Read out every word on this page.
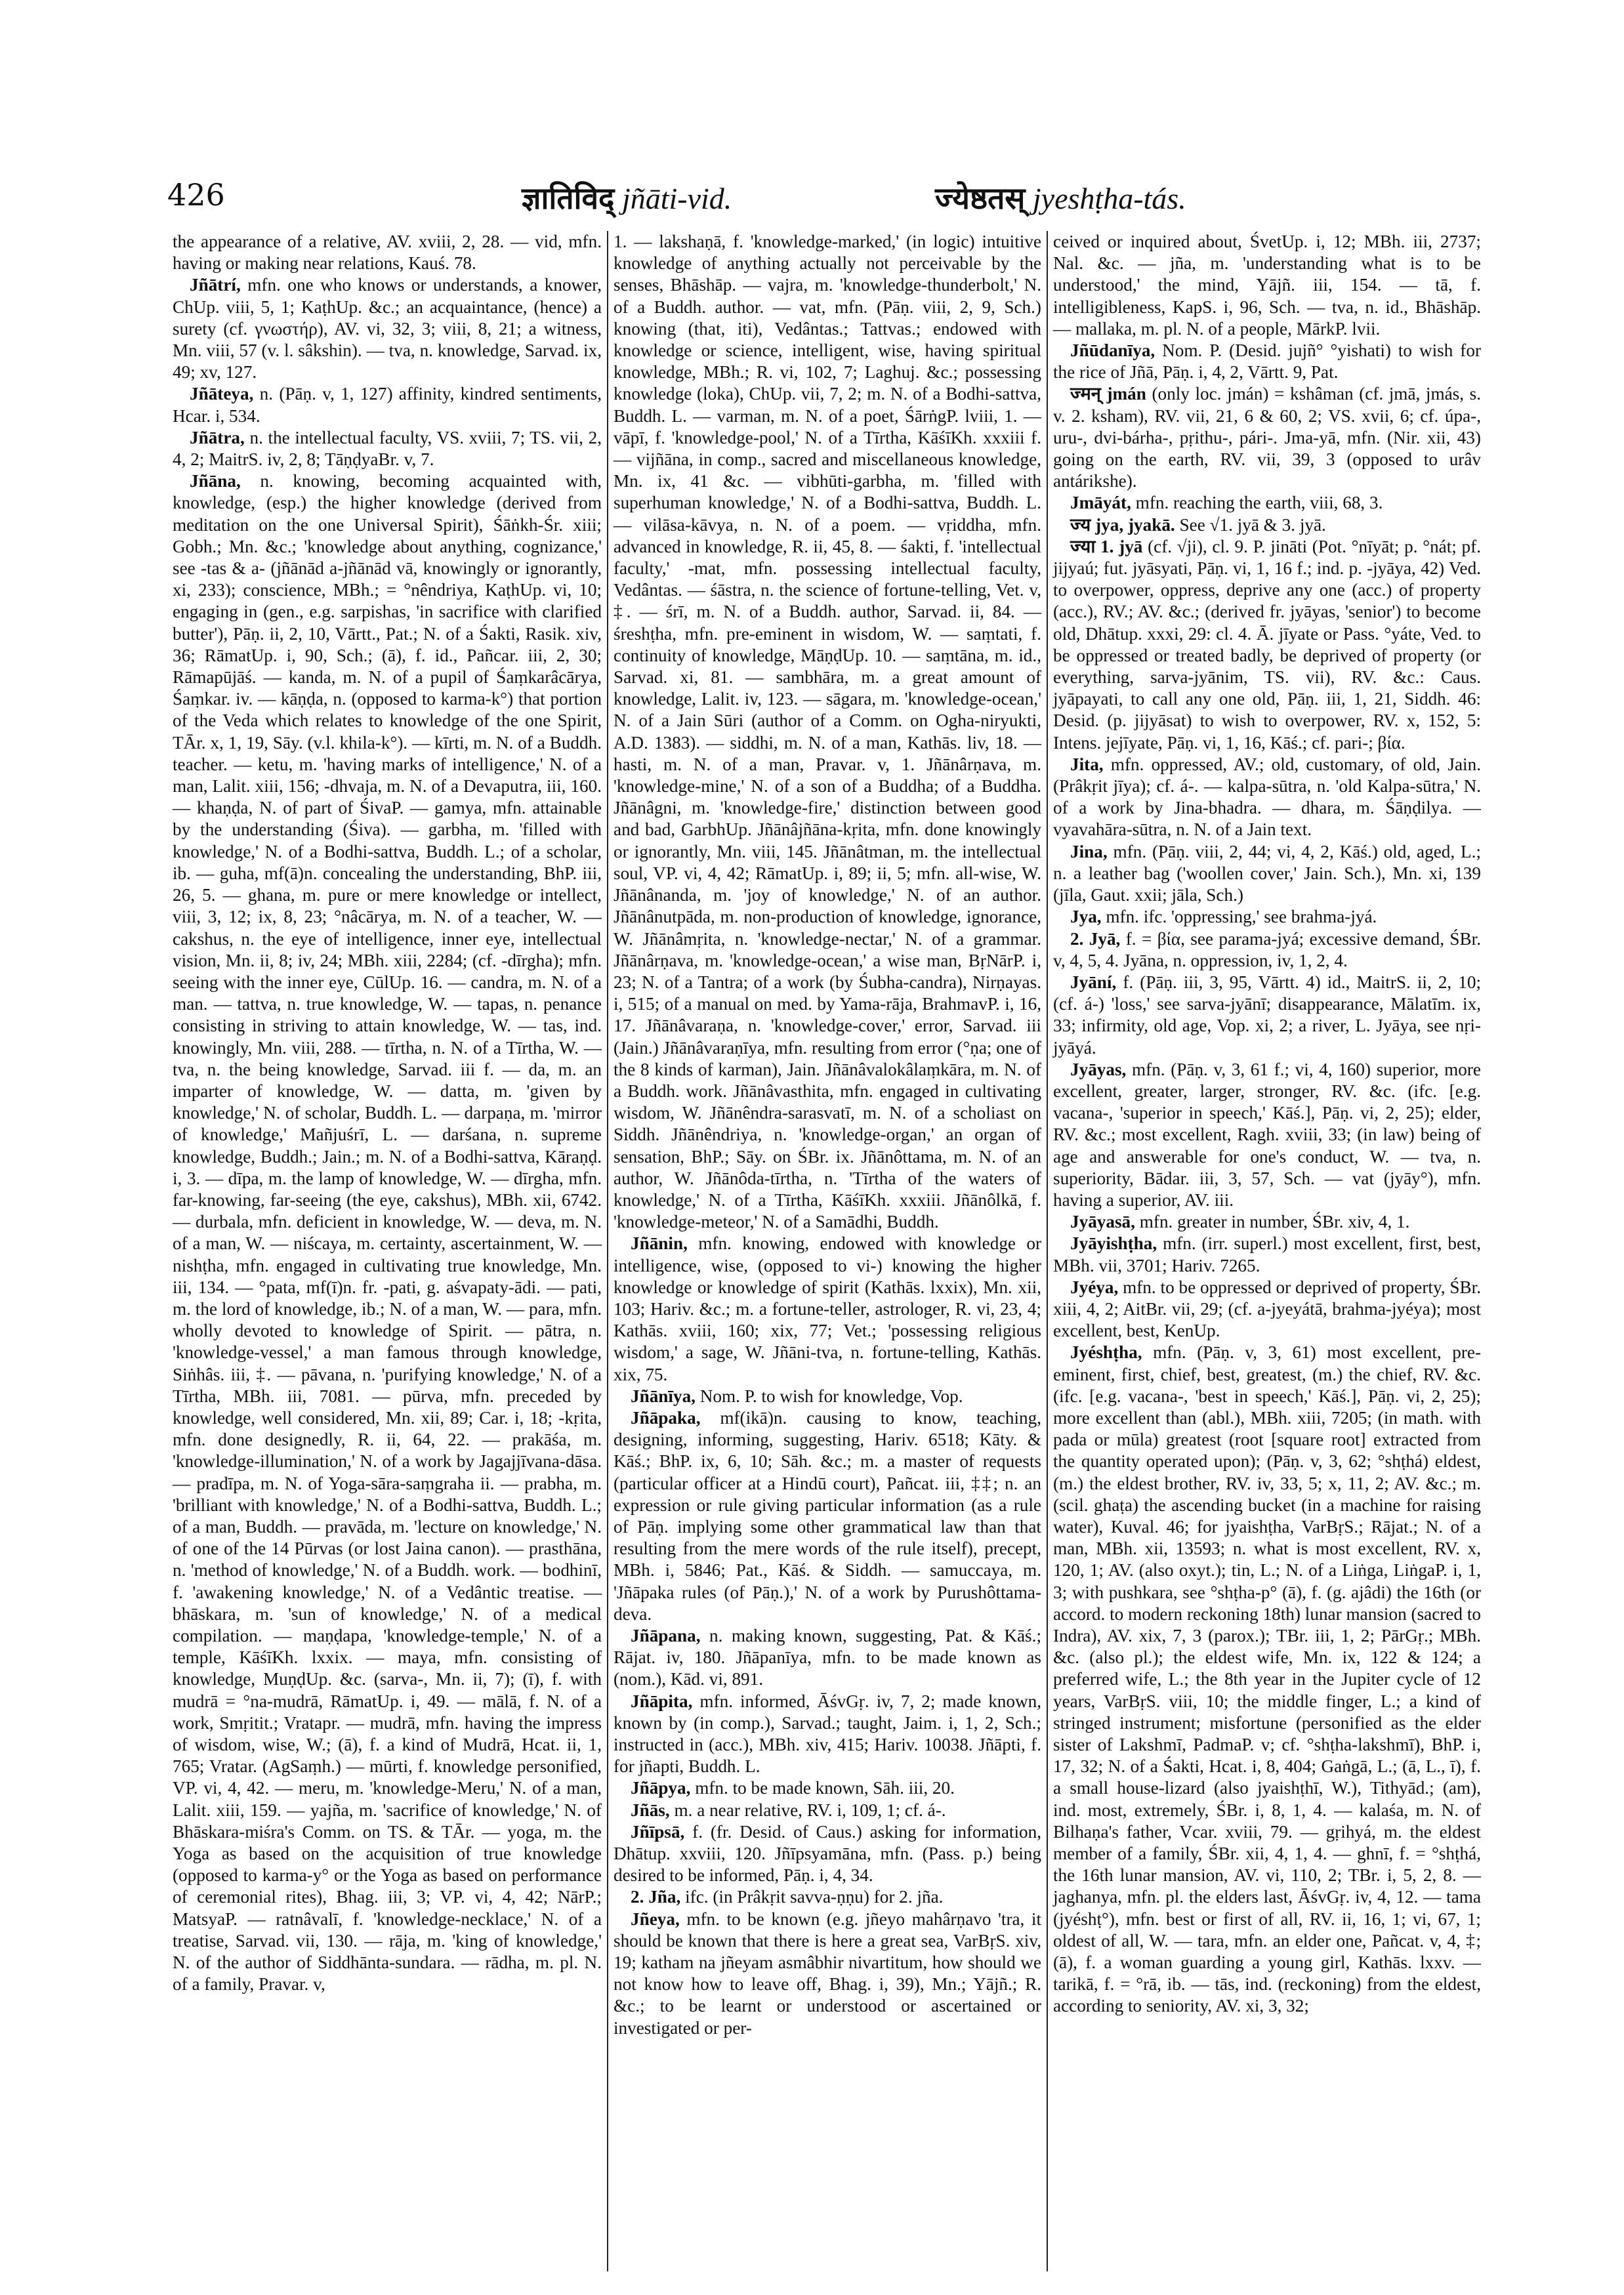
426	ज्ञातिविद् jñāti-vid.	ज्येष्ठतस् jyeshṭha-tás.

the appearance of a relative, AV. xviii, 2, 28. — vid, mfn. having or making near relations, Kauś. 78.

Jñātrí, mfn. one who knows or understands, a knower, ChUp. viii, 5, 1; KaṭhUp. &c.; an acquaintance, (hence) a surety (cf. γνωστήρ), AV. vi, 32, 3; viii, 8, 21; a witness, Mn. viii, 57 (v. l. sâkshin). — tva, n. knowledge, Sarvad. ix, 49; xv, 127.

Jñāteya, n. (Pāṇ. v, 1, 127) affinity, kindred sentiments, Hcar. i, 534.

Jñātra, n. the intellectual faculty, VS. xviii, 7; TS. vii, 2, 4, 2; MaitrS. iv, 2, 8; TāṇḍyaBr. v, 7.

Jñāna, n. knowing, becoming acquainted with, knowledge, (esp.) the higher knowledge (derived from meditation on the one Universal Spirit), Śāṅkh-Śr. xiii; Gobh.; Mn. &c.; 'knowledge about anything, cognizance,' see -tas & a- (jñānād a-jñānād vā, knowingly or ignorantly, xi, 233); conscience, MBh.; = °nêndriya, KaṭhUp. vi, 10; engaging in (gen., e.g. sarpishas, 'in sacrifice with clarified butter'), Pāṇ. ii, 2, 10, Vārtt., Pat.; N. of a Śakti, Rasik. xiv, 36; RāmatUp. i, 90, Sch.; (ā), f. id., Pañcar. iii, 2, 30; Rāmapūjāś. — kanda, m. N. of a pupil of Śaṃkarâcārya, Śaṃkar. iv. — kāṇḍa, n. (opposed to karma-k°) that portion of the Veda which relates to knowledge of the one Spirit, TĀr. x, 1, 19, Sāy. (v.l. khila-k°). — kīrti, m. N. of a Buddh. teacher. — ketu, m. 'having marks of intelligence,' N. of a man, Lalit. xiii, 156; -dhvaja, m. N. of a Devaputra, iii, 160. — khaṇḍa, N. of part of ŚivaP. — gamya, mfn. attainable by the understanding (Śiva). — garbha, m. 'filled with knowledge,' N. of a Bodhi-sattva, Buddh. L.; of a scholar, ib. — guha, mf(ā)n. concealing the understanding, BhP. iii, 26, 5. — ghana, m. pure or mere knowledge or intellect, viii, 3, 12; ix, 8, 23; °nâcārya, m. N. of a teacher, W. — cakshus, n. the eye of intelligence, inner eye, intellectual vision, Mn. ii, 8; iv, 24; MBh. xiii, 2284; (cf. -dīrgha); mfn. seeing with the inner eye, CūlUp. 16. — candra, m. N. of a man. — tattva, n. true knowledge, W. — tapas, n. penance consisting in striving to attain knowledge, W. — tas, ind. knowingly, Mn. viii, 288. — tīrtha, n. N. of a Tīrtha, W. — tva, n. the being knowledge, Sarvad. iii f. — da, m. an imparter of knowledge, W. — datta, m. 'given by knowledge,' N. of scholar, Buddh. L. — darpaṇa, m. 'mirror of knowledge,' Mañjuśrī, L. — darśana, n. supreme knowledge, Buddh.; Jain.; m. N. of a Bodhi-sattva, Kāraṇḍ. i, 3. — dīpa, m. the lamp of knowledge, W. — dīrgha, mfn. far-knowing, far-seeing (the eye, cakshus), MBh. xii, 6742. — durbala, mfn. deficient in knowledge, W. — deva, m. N. of a man, W. — niścaya, m. certainty, ascertainment, W. — nishṭha, mfn. engaged in cultivating true knowledge, Mn. iii, 134. — °pata, mf(ī)n. fr. -pati, g. aśvapaty-ādi. — pati, m. the lord of knowledge, ib.; N. of a man, W. — para, mfn. wholly devoted to knowledge of Spirit. — pātra, n. 'knowledge-vessel,' a man famous through knowledge, Siṅhâs. iii, ‡. — pāvana, n. 'purifying knowledge,' N. of a Tīrtha, MBh. iii, 7081. — pūrva, mfn. preceded by knowledge, well considered, Mn. xii, 89; Car. i, 18; -kṛita, mfn. done designedly, R. ii, 64, 22. — prakāśa, m. 'knowledge-illumination,' N. of a work by Jagajjīvana-dāsa. — pradīpa, m. N. of Yoga-sāra-saṃgraha ii. — prabha, m. 'brilliant with knowledge,' N. of a Bodhi-sattva, Buddh. L.; of a man, Buddh. — pravāda, m. 'lecture on knowledge,' N. of one of the 14 Pūrvas (or lost Jaina canon). — prasthāna, n. 'method of knowledge,' N. of a Buddh. work. — bodhinī, f. 'awakening knowledge,' N. of a Vedântic treatise. — bhāskara, m. 'sun of knowledge,' N. of a medical compilation. — maṇḍapa, 'knowledge-temple,' N. of a temple, KāśīKh. lxxix. — maya, mfn. consisting of knowledge, MuṇḍUp. &c. (sarva-, Mn. ii, 7); (ī), f. with mudrā = °na-mudrā, RāmatUp. i, 49. — mālā, f. N. of a work, Smṛitit.; Vratapr. — mudrā, mfn. having the impress of wisdom, wise, W.; (ā), f. a kind of Mudrā, Hcat. ii, 1, 765; Vratar. (AgSaṃh.) — mūrti, f. knowledge personified, VP. vi, 4, 42. — meru, m. 'knowledge-Meru,' N. of a man, Lalit. xiii, 159. — yajña, m. 'sacrifice of knowledge,' N. of Bhāskara-miśra's Comm. on TS. & TĀr. — yoga, m. the Yoga as based on the acquisition of true knowledge (opposed to karma-y° or the Yoga as based on performance of ceremonial rites), Bhag. iii, 3; VP. vi, 4, 42; NārP.; MatsyaP. — ratnâvalī, f. 'knowledge-necklace,' N. of a treatise, Sarvad. vii, 130. — rāja, m. 'king of knowledge,' N. of the author of Siddhānta-sundara. — rādha, m. pl. N. of a family, Pravar. v,

1. — lakshaṇā, f. 'knowledge-marked,' (in logic) intuitive knowledge of anything actually not perceivable by the senses, Bhāshāp. — vajra, m. 'knowledge-thunderbolt,' N. of a Buddh. author. — vat, mfn. (Pāṇ. viii, 2, 9, Sch.) knowing (that, iti), Vedântas.; Tattvas.; endowed with knowledge or science, intelligent, wise, having spiritual knowledge, MBh.; R. vi, 102, 7; Laghuj. &c.; possessing knowledge (loka), ChUp. vii, 7, 2; m. N. of a Bodhi-sattva, Buddh. L. — varman, m. N. of a poet, ŚārṅgP. lviii, 1. — vāpī, f. 'knowledge-pool,' N. of a Tīrtha, KāśīKh. xxxiii f. — vijñāna, in comp., sacred and miscellaneous knowledge, Mn. ix, 41 &c. — vibhūti-garbha, m. 'filled with superhuman knowledge,' N. of a Bodhi-sattva, Buddh. L. — vilāsa-kāvya, n. N. of a poem. — vṛiddha, mfn. advanced in knowledge, R. ii, 45, 8. — śakti, f. 'intellectual faculty,' -mat, mfn. possessing intellectual faculty, Vedântas. — śāstra, n. the science of fortune-telling, Vet. v, ‡. — śrī, m. N. of a Buddh. author, Sarvad. ii, 84. — śreshṭha, mfn. pre-eminent in wisdom, W. — saṃtati, f. continuity of knowledge, MāṇḍUp. 10. — saṃtāna, m. id., Sarvad. xi, 81. — sambhāra, m. a great amount of knowledge, Lalit. iv, 123. — sāgara, m. 'knowledge-ocean,' N. of a Jain Sūri (author of a Comm. on Ogha-niryukti, A.D. 1383). — siddhi, m. N. of a man, Kathās. liv, 18. — hasti, m. N. of a man, Pravar. v, 1. Jñānârṇava, m. 'knowledge-mine,' N. of a son of a Buddha; of a Buddha. Jñānâgni, m. 'knowledge-fire,' distinction between good and bad, GarbhUp. Jñānâjñāna-kṛita, mfn. done knowingly or ignorantly, Mn. viii, 145. Jñānâtman, m. the intellectual soul, VP. vi, 4, 42; RāmatUp. i, 89; ii, 5; mfn. all-wise, W. Jñānânanda, m. 'joy of knowledge,' N. of an author. Jñānânutpāda, m. non-production of knowledge, ignorance, W. Jñānâmṛita, n. 'knowledge-nectar,' N. of a grammar. Jñānârṇava, m. 'knowledge-ocean,' a wise man, BṛNārP. i, 23; N. of a Tantra; of a work (by Śubha-candra), Nirṇayas. i, 515; of a manual on med. by Yama-rāja, BrahmavP. i, 16, 17. Jñānâvaraṇa, n. 'knowledge-cover,' error, Sarvad. iii (Jain.) Jñānâvaraṇīya, mfn. resulting from error (°ṇa; one of the 8 kinds of karman), Jain. Jñānâvalokâlaṃkāra, m. N. of a Buddh. work. Jñānâvasthita, mfn. engaged in cultivating wisdom, W. Jñānêndra-sarasvatī, m. N. of a scholiast on Siddh. Jñānêndriya, n. 'knowledge-organ,' an organ of sensation, BhP.; Sāy. on ŚBr. ix. Jñānôttama, m. N. of an author, W. Jñānôda-tīrtha, n. 'Tīrtha of the waters of knowledge,' N. of a Tīrtha, KāśīKh. xxxiii. Jñānôlkā, f. 'knowledge-meteor,' N. of a Samādhi, Buddh.

Jñānin, mfn. knowing, endowed with knowledge or intelligence, wise, (opposed to vi-) knowing the higher knowledge or knowledge of spirit (Kathās. lxxix), Mn. xii, 103; Hariv. &c.; m. a fortune-teller, astrologer, R. vi, 23, 4; Kathās. xviii, 160; xix, 77; Vet.; 'possessing religious wisdom,' a sage, W. Jñāni-tva, n. fortune-telling, Kathās. xix, 75.

Jñānīya, Nom. P. to wish for knowledge, Vop.

Jñāpaka, mf(ikā)n. causing to know, teaching, designing, informing, suggesting, Hariv. 6518; Kāty. & Kāś.; BhP. ix, 6, 10; Sāh. &c.; m. a master of requests (particular officer at a Hindū court), Pañcat. iii, ‡‡; n. an expression or rule giving particular information (as a rule of Pāṇ. implying some other grammatical law than that resulting from the mere words of the rule itself), precept, MBh. i, 5846; Pat., Kāś. & Siddh. — samuccaya, m. 'Jñāpaka rules (of Pāṇ.),' N. of a work by Purushôttama-deva.

Jñāpana, n. making known, suggesting, Pat. & Kāś.; Rājat. iv, 180. Jñāpanīya, mfn. to be made known as (nom.), Kād. vi, 891.

Jñāpita, mfn. informed, ĀśvGṛ. iv, 7, 2; made known, known by (in comp.), Sarvad.; taught, Jaim. i, 1, 2, Sch.; instructed in (acc.), MBh. xiv, 415; Hariv. 10038. Jñāpti, f. for jñapti, Buddh. L.

Jñāpya, mfn. to be made known, Sāh. iii, 20.

Jñās, m. a near relative, RV. i, 109, 1; cf. á-.

Jñīpsā, f. (fr. Desid. of Caus.) asking for information, Dhātup. xxviii, 120. Jñīpsyamāna, mfn. (Pass. p.) being desired to be informed, Pāṇ. i, 4, 34.

2. Jña, ifc. (in Prâkṛit savva-ṇṇu) for 2. jña.

Jñeya, mfn. to be known (e.g. jñeyo mahârṇavo 'tra, it should be known that there is here a great sea, VarBṛS. xiv, 19; katham na jñeyam asmâbhir nivartitum, how should we not know how to leave off, Bhag. i, 39), Mn.; Yājñ.; R. &c.; to be learnt or understood or ascertained or investigated or per-

ceived or inquired about, ŚvetUp. i, 12; MBh. iii, 2737; Nal. &c. — jña, m. 'understanding what is to be understood,' the mind, Yājñ. iii, 154. — tā, f. intelligibleness, KapS. i, 96, Sch. — tva, n. id., Bhāshāp. — mallaka, m. pl. N. of a people, MārkP. lvii.

Jñūdanīya, Nom. P. (Desid. jujñ° °yishati) to wish for the rice of Jñā, Pāṇ. i, 4, 2, Vārtt. 9, Pat.

ज्मन् jmán (only loc. jmán) = kshâman (cf. jmā, jmás, s. v. 2. ksham), RV. vii, 21, 6 & 60, 2; VS. xvii, 6; cf. úpa-, uru-, dvi-bárha-, pṛithu-, pári-. Jma-yā, mfn. (Nir. xii, 43) going on the earth, RV. vii, 39, 3 (opposed to urâv antárikshe).

Jmāyát, mfn. reaching the earth, viii, 68, 3.

ज्य jya, jyakā. See √1. jyā & 3. jyā.

ज्या 1. jyā (cf. √ji), cl. 9. P. jināti (Pot. °nīyāt; p. °nát; pf. jijyaú; fut. jyāsyati, Pāṇ. vi, 1, 16 f.; ind. p. -jyāya, 42) Ved. to overpower, oppress, deprive any one (acc.) of property (acc.), RV.; AV. &c.; (derived fr. jyāyas, 'senior') to become old, Dhātup. xxxi, 29: cl. 4. Ā. jīyate or Pass. °yáte, Ved. to be oppressed or treated badly, be deprived of property (or everything, sarva-jyānim, TS. vii), RV. &c.: Caus. jyāpayati, to call any one old, Pāṇ. iii, 1, 21, Siddh. 46: Desid. (p. jijyāsat) to wish to overpower, RV. x, 152, 5: Intens. jejīyate, Pāṇ. vi, 1, 16, Kāś.; cf. pari-; βία.

Jita, mfn. oppressed, AV.; old, customary, of old, Jain. (Prâkṛit jīya); cf. á-. — kalpa-sūtra, n. 'old Kalpa-sūtra,' N. of a work by Jina-bhadra. — dhara, m. Śāṇḍilya. — vyavahāra-sūtra, n. N. of a Jain text.

Jina, mfn. (Pāṇ. viii, 2, 44; vi, 4, 2, Kāś.) old, aged, L.; n. a leather bag ('woollen cover,' Jain. Sch.), Mn. xi, 139 (jīla, Gaut. xxii; jāla, Sch.)

Jya, mfn. ifc. 'oppressing,' see brahma-jyá.

2. Jyā, f. = βία, see parama-jyá; excessive demand, ŚBr. v, 4, 5, 4. Jyāna, n. oppression, iv, 1, 2, 4.

Jyāní, f. (Pāṇ. iii, 3, 95, Vārtt. 4) id., MaitrS. ii, 2, 10; (cf. á-) 'loss,' see sarva-jyānī; disappearance, Mālatīm. ix, 33; infirmity, old age, Vop. xi, 2; a river, L. Jyāya, see nṛi-jyāyá.

Jyāyas, mfn. (Pāṇ. v, 3, 61 f.; vi, 4, 160) superior, more excellent, greater, larger, stronger, RV. &c. (ifc. [e.g. vacana-, 'superior in speech,' Kāś.], Pāṇ. vi, 2, 25); elder, RV. &c.; most excellent, Ragh. xviii, 33; (in law) being of age and answerable for one's conduct, W. — tva, n. superiority, Bādar. iii, 3, 57, Sch. — vat (jyāy°), mfn. having a superior, AV. iii.

Jyāyasā, mfn. greater in number, ŚBr. xiv, 4, 1.

Jyāyishṭha, mfn. (irr. superl.) most excellent, first, best, MBh. vii, 3701; Hariv. 7265.

Jyéya, mfn. to be oppressed or deprived of property, ŚBr. xiii, 4, 2; AitBr. vii, 29; (cf. a-jyeyátā, brahma-jyéya); most excellent, best, KenUp.

Jyéshṭha, mfn. (Pāṇ. v, 3, 61) most excellent, pre-eminent, first, chief, best, greatest, (m.) the chief, RV. &c. (ifc. [e.g. vacana-, 'best in speech,' Kāś.], Pāṇ. vi, 2, 25); more excellent than (abl.), MBh. xiii, 7205; (in math. with pada or mūla) greatest (root [square root] extracted from the quantity operated upon); (Pāṇ. v, 3, 62; °shṭhá) eldest, (m.) the eldest brother, RV. iv, 33, 5; x, 11, 2; AV. &c.; m. (scil. ghaṭa) the ascending bucket (in a machine for raising water), Kuval. 46; for jyaishṭha, VarBṛS.; Rājat.; N. of a man, MBh. xii, 13593; n. what is most excellent, RV. x, 120, 1; AV. (also oxyt.); tin, L.; N. of a Liṅga, LiṅgaP. i, 1, 3; with pushkara, see °shṭha-p° (ā), f. (g. ajâdi) the 16th (or accord. to modern reckoning 18th) lunar mansion (sacred to Indra), AV. xix, 7, 3 (parox.); TBr. iii, 1, 2; PārGṛ.; MBh. &c. (also pl.); the eldest wife, Mn. ix, 122 & 124; a preferred wife, L.; the 8th year in the Jupiter cycle of 12 years, VarBṛS. viii, 10; the middle finger, L.; a kind of stringed instrument; misfortune (personified as the elder sister of Lakshmī, PadmaP. v; cf. °shṭha-lakshmī), BhP. i, 17, 32; N. of a Śakti, Hcat. i, 8, 404; Gaṅgā, L.; (ā, L., ī), f. a small house-lizard (also jyaishṭhī, W.), Tithyād.; (am), ind. most, extremely, ŚBr. i, 8, 1, 4. — kalaśa, m. N. of Bilhaṇa's father, Vcar. xviii, 79. — gṛihyá, m. the eldest member of a family, ŚBr. xii, 4, 1, 4. — ghnī, f. = °shṭhá, the 16th lunar mansion, AV. vi, 110, 2; TBr. i, 5, 2, 8. — jaghanya, mfn. pl. the elders last, ĀśvGṛ. iv, 4, 12. — tama (jyéshṭ°), mfn. best or first of all, RV. ii, 16, 1; vi, 67, 1; oldest of all, W. — tara, mfn. an elder one, Pañcat. v, 4, ‡; (ā), f. a woman guarding a young girl, Kathās. lxxv. — tarikā, f. = °rā, ib. — tās, ind. (reckoning) from the eldest, according to seniority, AV. xi, 3, 32;
